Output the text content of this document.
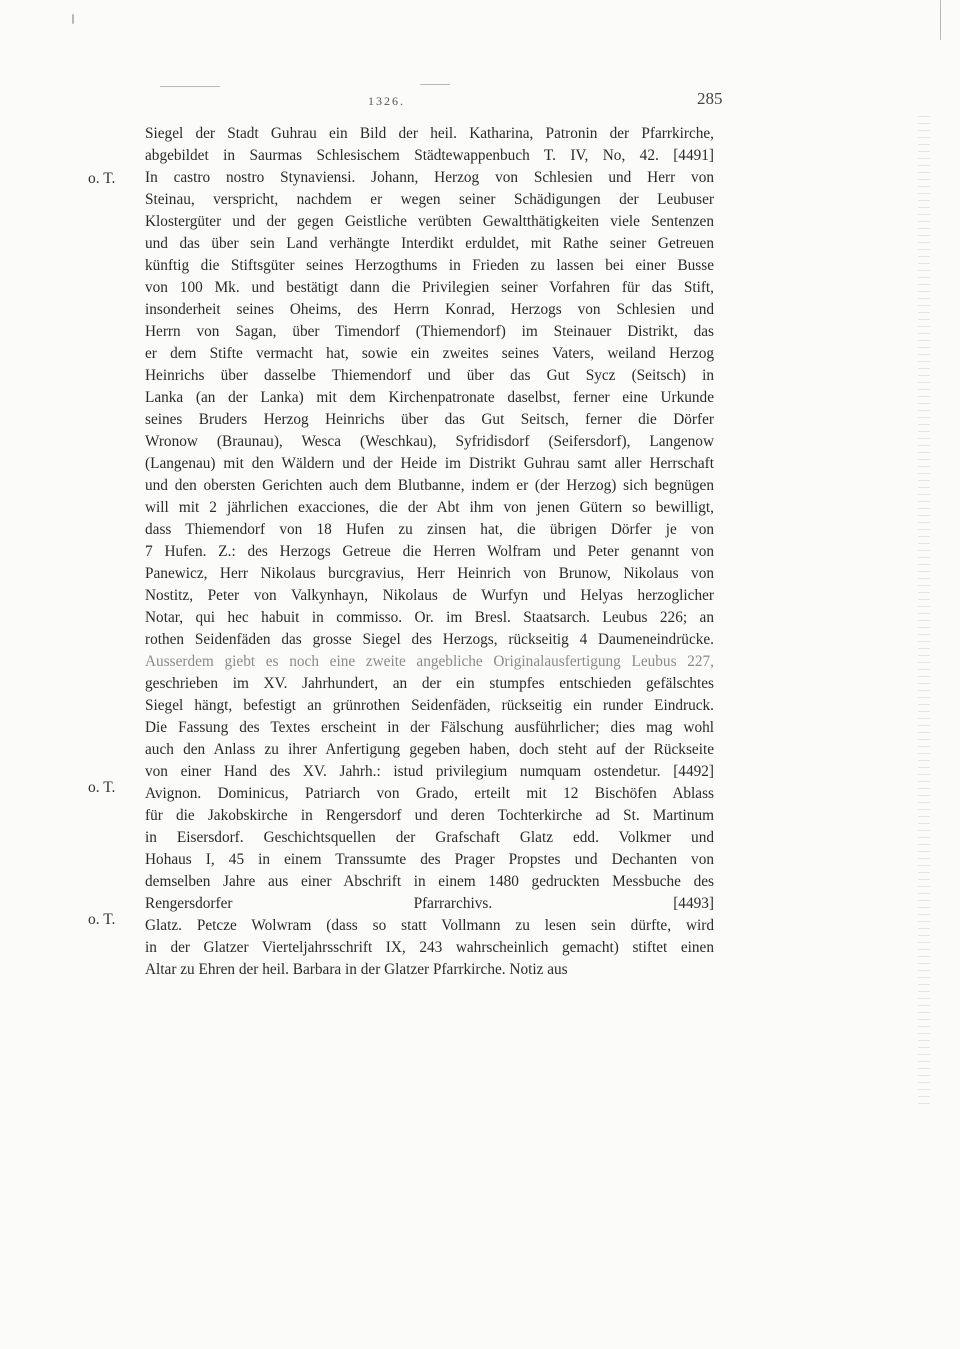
1326.	285
o. T.
o. T.
o. T.
Siegel der Stadt Guhrau ein Bild der heil. Katharina, Patronin der Pfarrkirche,
abgebildet in Saurmas Schlesischem Städtewappenbuch T. IV, No, 42. [4491]
In castro nostro Stynaviensi. Johann, Herzog von Schlesien und Herr von
Steinau, verspricht, nachdem er wegen seiner Schädigungen der Leubuser
Klostergüter und der gegen Geistliche verübten Gewaltthätigkeiten viele Sentenzen
und das über sein Land verhängte Interdikt erduldet, mit Rathe seiner Getreuen
künftig die Stiftsgüter seines Herzogthums in Frieden zu lassen bei einer Busse
von 100 Mk. und bestätigt dann die Privilegien seiner Vorfahren für das Stift,
insonderheit seines Oheims, des Herrn Konrad, Herzogs von Schlesien und
Herrn von Sagan, über Timendorf (Thiemendorf) im Steinauer Distrikt, das
er dem Stifte vermacht hat, sowie ein zweites seines Vaters, weiland Herzog
Heinrichs über dasselbe Thiemendorf und über das Gut Sycz (Seitsch) in
Lanka (an der Lanka) mit dem Kirchenpatronate daselbst, ferner eine Urkunde
seines Bruders Herzog Heinrichs über das Gut Seitsch, ferner die Dörfer
Wronow (Braunau), Wesca (Weschkau), Syfridisdorf (Seifersdorf), Langenow
(Langenau) mit den Wäldern und der Heide im Distrikt Guhrau samt aller Herrschaft
und den obersten Gerichten auch dem Blutbanne, indem er (der Herzog) sich begnügen
will mit 2 jährlichen exacciones, die der Abt ihm von jenen Gütern so bewilligt,
dass Thiemendorf von 18 Hufen zu zinsen hat, die übrigen Dörfer je von
7 Hufen. Z.: des Herzogs Getreue die Herren Wolfram und Peter genannt von
Panewicz, Herr Nikolaus burcgravius, Herr Heinrich von Brunow, Nikolaus von
Nostitz, Peter von Valkynhayn, Nikolaus de Wurfyn und Helyas herzoglicher
Notar, qui hec habuit in commisso. Or. im Bresl. Staatsarch. Leubus 226; an
rothen Seidenfäden das grosse Siegel des Herzogs, rückseitig 4 Daumeneindrücke.
Ausserdem giebt es noch eine zweite angebliche Originalausfertigung Leubus 227,
geschrieben im XV. Jahrhundert, an der ein stumpfes entschieden gefälschtes
Siegel hängt, befestigt an grünrothen Seidenfäden, rückseitig ein runder Eindruck.
Die Fassung des Textes erscheint in der Fälschung ausführlicher; dies mag wohl
auch den Anlass zu ihrer Anfertigung gegeben haben, doch steht auf der Rückseite
von einer Hand des XV. Jahrh.: istud privilegium numquam ostendetur. [4492]
Avignon. Dominicus, Patriarch von Grado, erteilt mit 12 Bischöfen Ablass
für die Jakobskirche in Rengersdorf und deren Tochterkirche ad St. Martinum
in Eisersdorf. Geschichtsquellen der Grafschaft Glatz edd. Volkmer und
Hohaus I, 45 in einem Transsumte des Prager Propstes und Dechanten von
demselben Jahre aus einer Abschrift in einem 1480 gedruckten Messbuche des
Rengersdorfer Pfarrarchivs. [4493]
Glatz. Petcze Wolwram (dass so statt Vollmann zu lesen sein dürfte, wird
in der Glatzer Vierteljahrsschrift IX, 243 wahrscheinlich gemacht) stiftet einen
Altar zu Ehren der heil. Barbara in der Glatzer Pfarrkirche. Notiz aus
